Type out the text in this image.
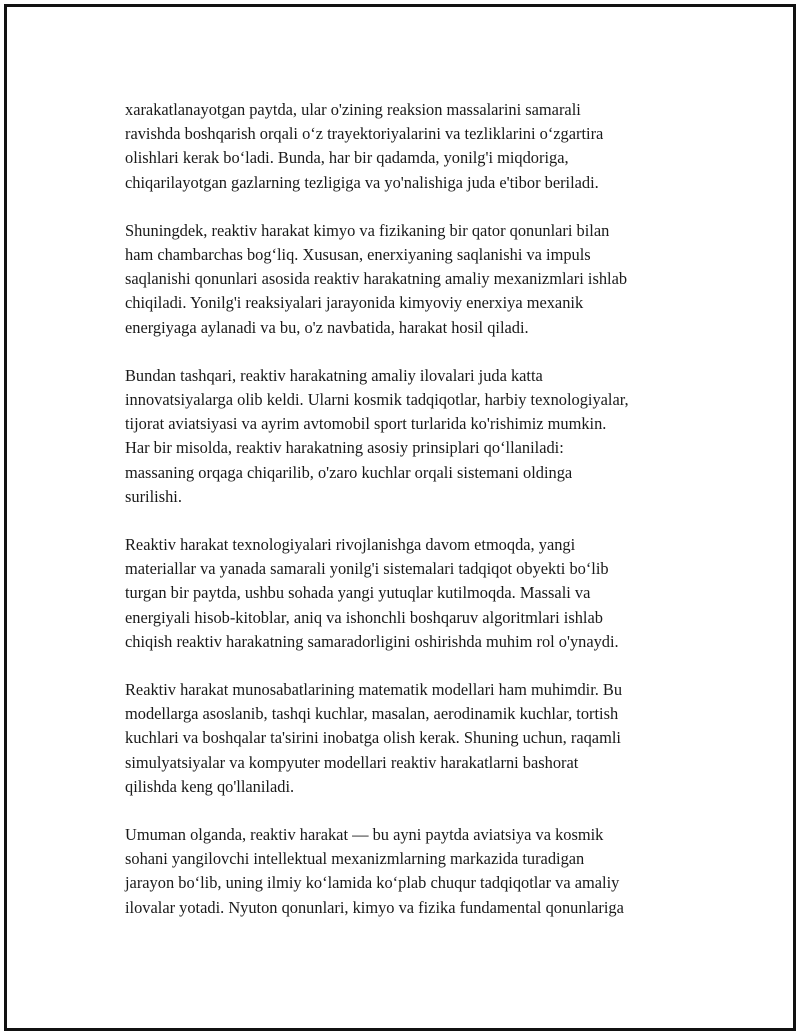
xarakatlanayotgan paytda, ular o'zining reaksion massalarini samarali
ravishda boshqarish orqali o‘z trayektoriyalarini va tezliklarini o‘zgartira
olishlari kerak bo‘ladi. Bunda, har bir qadamda, yonilg'i miqdoriga,
chiqarilayotgan gazlarning tezligiga va yo'nalishiga juda e'tibor beriladi.

Shuningdek, reaktiv harakat kimyo va fizikaning bir qator qonunlari bilan
ham chambarchas bog‘liq. Xususan, enerxiyaning saqlanishi va impuls
saqlanishi qonunlari asosida reaktiv harakatning amaliy mexanizmlari ishlab
chiqiladi. Yonilg'i reaksiyalari jarayonida kimyoviy enerxiya mexanik
energiyaga aylanadi va bu, o'z navbatida, harakat hosil qiladi.

Bundan tashqari, reaktiv harakatning amaliy ilovalari juda katta
innovatsiyalarga olib keldi. Ularni kosmik tadqiqotlar, harbiy texnologiyalar,
tijorat aviatsiyasi va ayrim avtomobil sport turlarida ko'rishimiz mumkin.
Har bir misolda, reaktiv harakatning asosiy prinsiplari qo‘llaniladi:
massaning orqaga chiqarilib, o'zaro kuchlar orqali sistemani oldinga
surilishi.

Reaktiv harakat texnologiyalari rivojlanishga davom etmoqda, yangi
materiallar va yanada samarali yonilg'i sistemalari tadqiqot obyekti bo‘lib
turgan bir paytda, ushbu sohada yangi yutuqlar kutilmoqda. Massali va
energiyali hisob-kitoblar, aniq va ishonchli boshqaruv algoritmlari ishlab
chiqish reaktiv harakatning samaradorligini oshirishda muhim rol o'ynaydi.

Reaktiv harakat munosabatlarining matematik modellari ham muhimdir. Bu
modellarga asoslanib, tashqi kuchlar, masalan, aerodinamik kuchlar, tortish
kuchlari va boshqalar ta'sirini inobatga olish kerak. Shuning uchun, raqamli
simulyatsiyalar va kompyuter modellari reaktiv harakatlarni bashorat
qilishda keng qo'llaniladi.

Umuman olganda, reaktiv harakat — bu ayni paytda aviatsiya va kosmik
sohani yangilovchi intellektual mexanizmlarning markazida turadigan
jarayon bo‘lib, uning ilmiy ko‘lamida ko‘plab chuqur tadqiqotlar va amaliy
ilovalar yotadi. Nyuton qonunlari, kimyo va fizika fundamental qonunlariga
